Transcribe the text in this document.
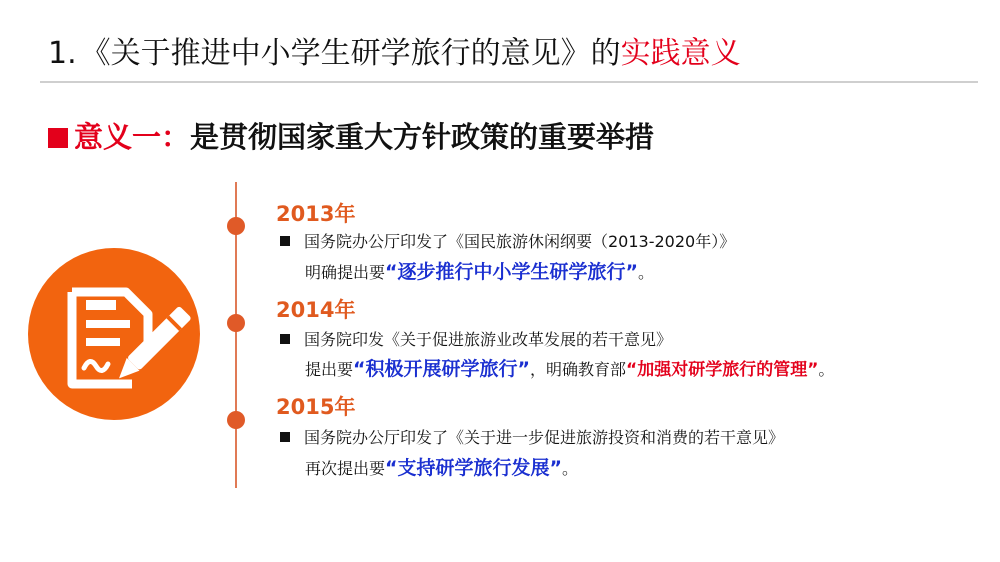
1. 《关于推进中小学生研学旅行的意见》的实践意义
意义一：是贯彻国家重大方针政策的重要举措
2013年
国务院办公厅印发了《国民旅游休闲纲要（2013-2020年）》
明确提出要“逐步推行中小学生研学旅行”。
2014年
国务院印发《关于促进旅游业改革发展的若干意见》
提出要“积极开展研学旅行”，明确教育部“加强对研学旅行的管理”。
2015年
国务院办公厅印发了《关于进一步促进旅游投资和消费的若干意见》
再次提出要“支持研学旅行发展”。
